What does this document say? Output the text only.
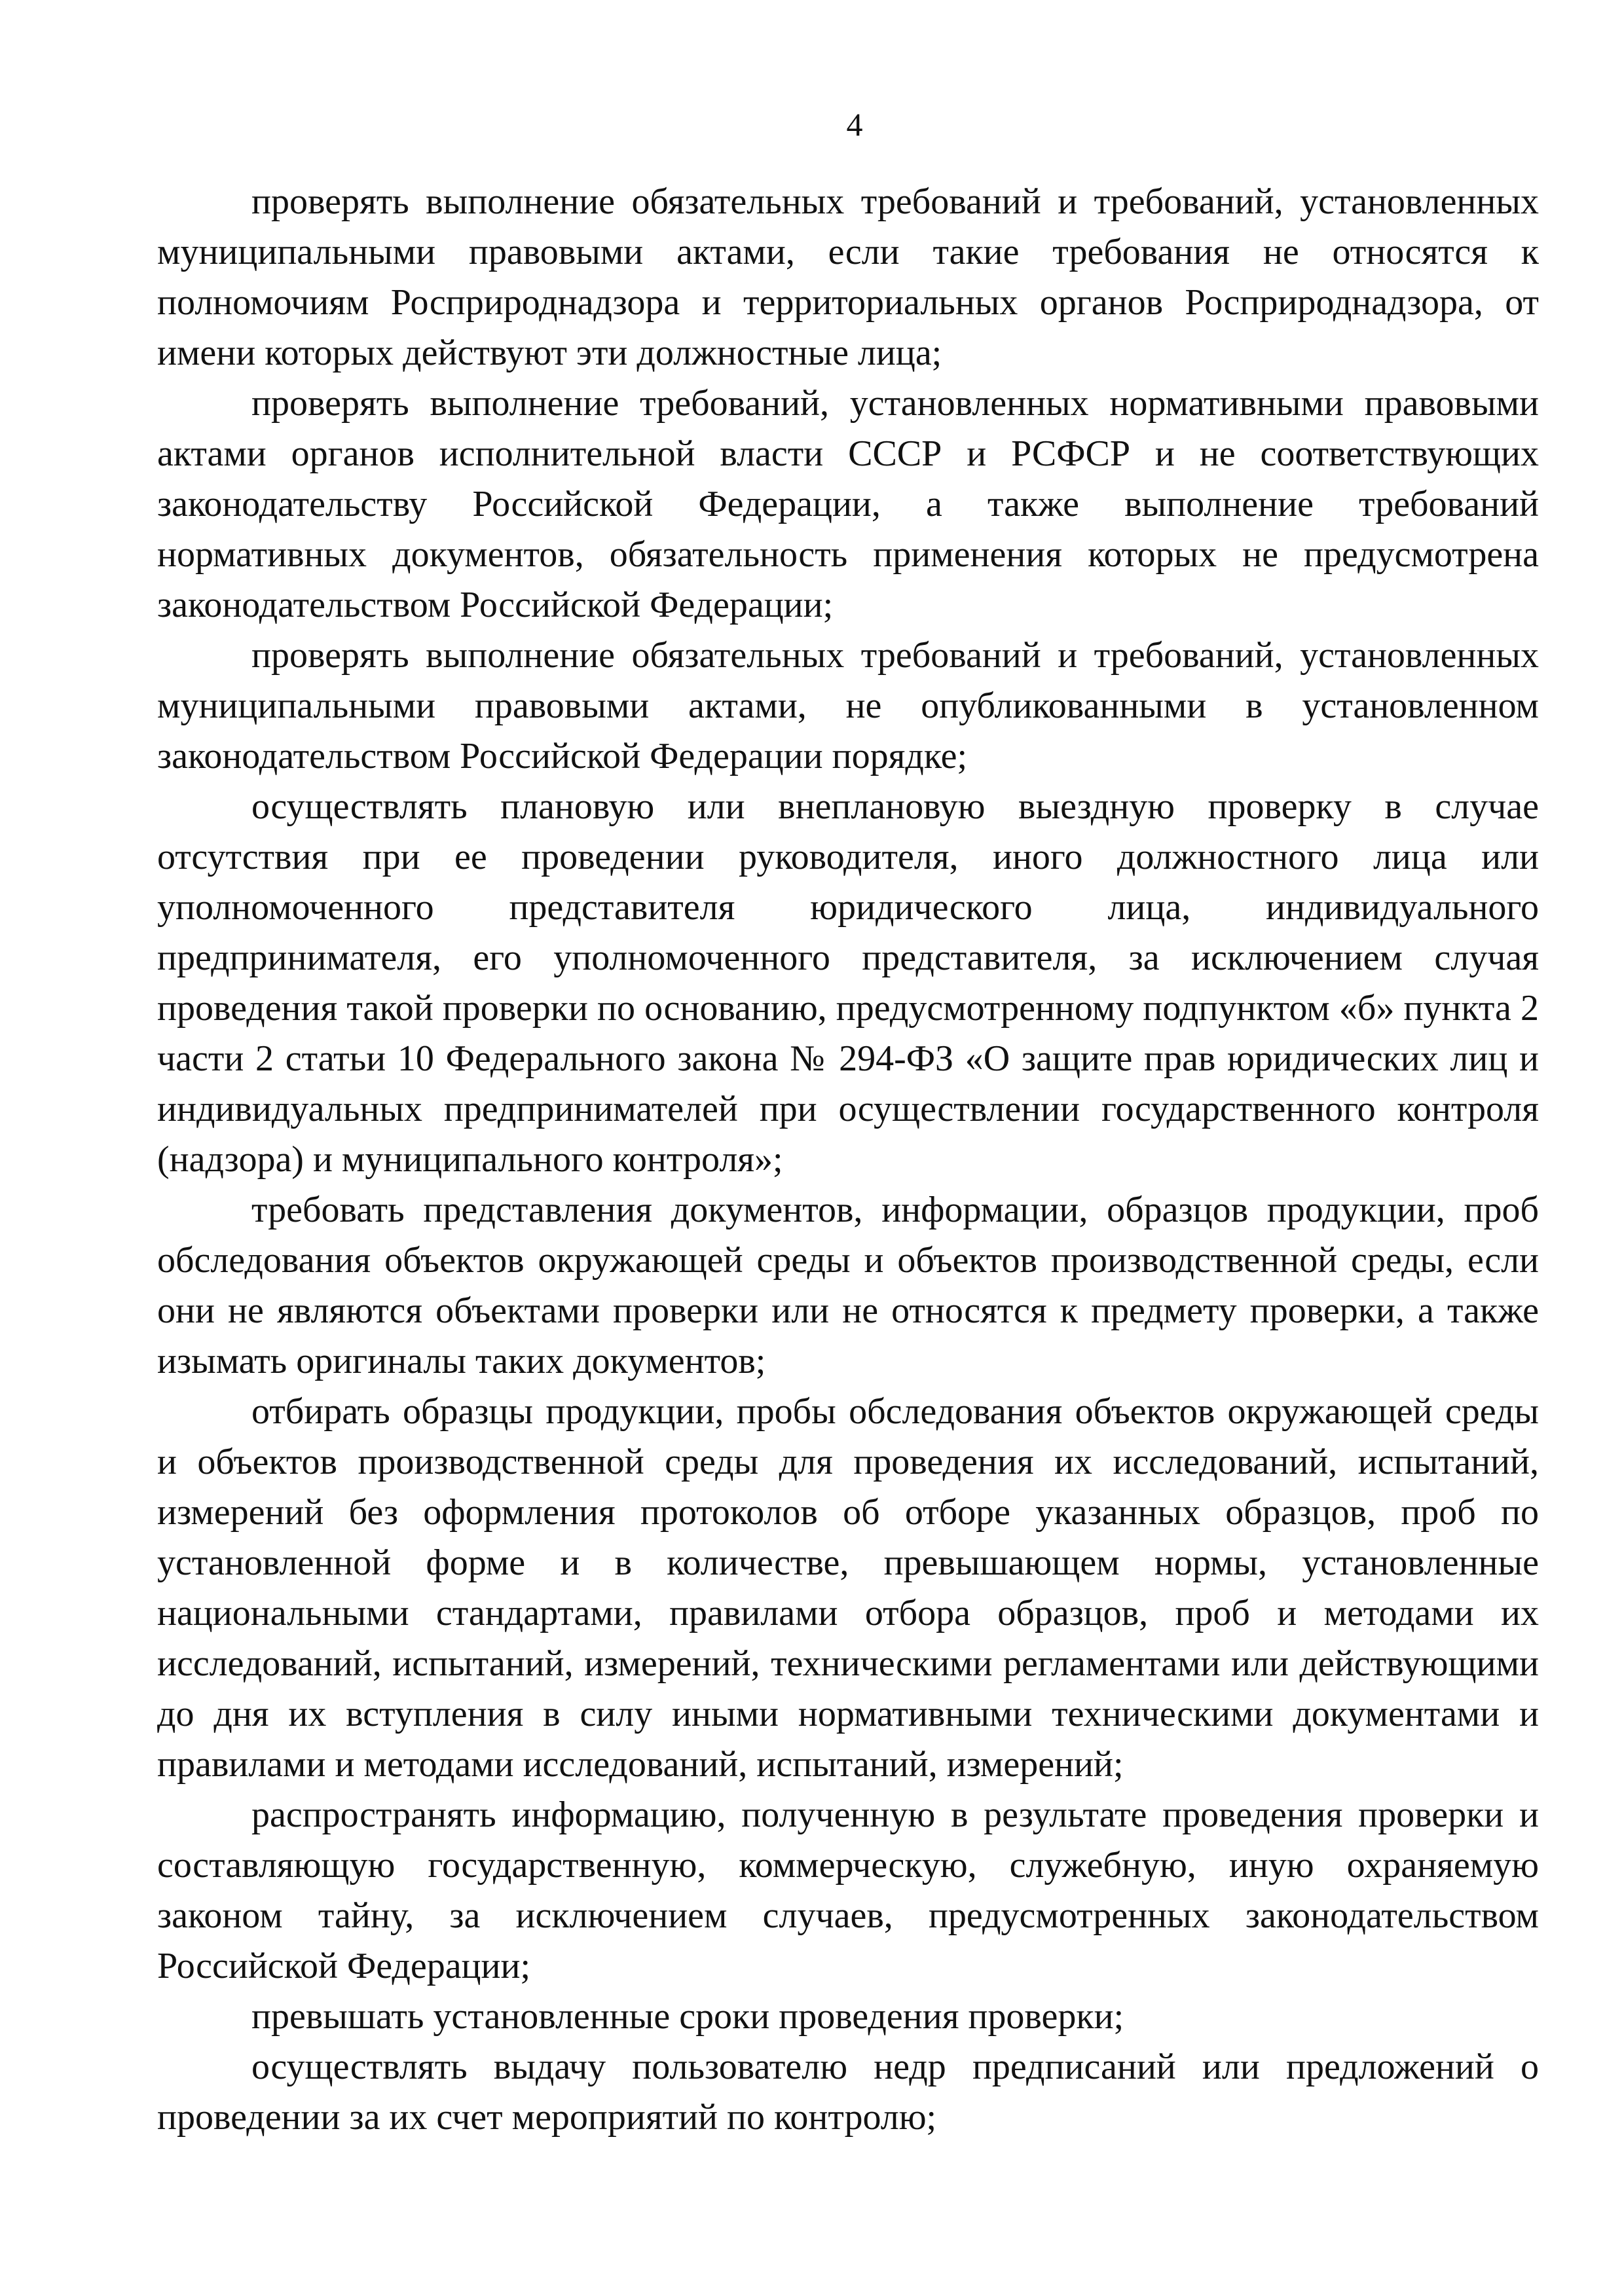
4

проверять выполнение обязательных требований и требований, установленных муниципальными правовыми актами, если такие требования не относятся к полномочиям Росприроднадзора и территориальных органов Росприроднадзора, от имени которых действуют эти должностные лица;

проверять выполнение требований, установленных нормативными правовыми актами органов исполнительной власти СССР и РСФСР и не соответствующих законодательству Российской Федерации, а также выполнение требований нормативных документов, обязательность применения которых не предусмотрена законодательством Российской Федерации;

проверять выполнение обязательных требований и требований, установленных муниципальными правовыми актами, не опубликованными в установленном законодательством Российской Федерации порядке;

осуществлять плановую или внеплановую выездную проверку в случае отсутствия при ее проведении руководителя, иного должностного лица или уполномоченного представителя юридического лица, индивидуального предпринимателя, его уполномоченного представителя, за исключением случая проведения такой проверки по основанию, предусмотренному подпунктом «б» пункта 2 части 2 статьи 10 Федерального закона № 294-ФЗ «О защите прав юридических лиц и индивидуальных предпринимателей при осуществлении государственного контроля (надзора) и муниципального контроля»;

требовать представления документов, информации, образцов продукции, проб обследования объектов окружающей среды и объектов производственной среды, если они не являются объектами проверки или не относятся к предмету проверки, а также изымать оригиналы таких документов;

отбирать образцы продукции, пробы обследования объектов окружающей среды и объектов производственной среды для проведения их исследований, испытаний, измерений без оформления протоколов об отборе указанных образцов, проб по установленной форме и в количестве, превышающем нормы, установленные национальными стандартами, правилами отбора образцов, проб и методами их исследований, испытаний, измерений, техническими регламентами или действующими до дня их вступления в силу иными нормативными техническими документами и правилами и методами исследований, испытаний, измерений;

распространять информацию, полученную в результате проведения проверки и составляющую государственную, коммерческую, служебную, иную охраняемую законом тайну, за исключением случаев, предусмотренных законодательством Российской Федерации;

превышать установленные сроки проведения проверки;

осуществлять выдачу пользователю недр предписаний или предложений о проведении за их счет мероприятий по контролю;
